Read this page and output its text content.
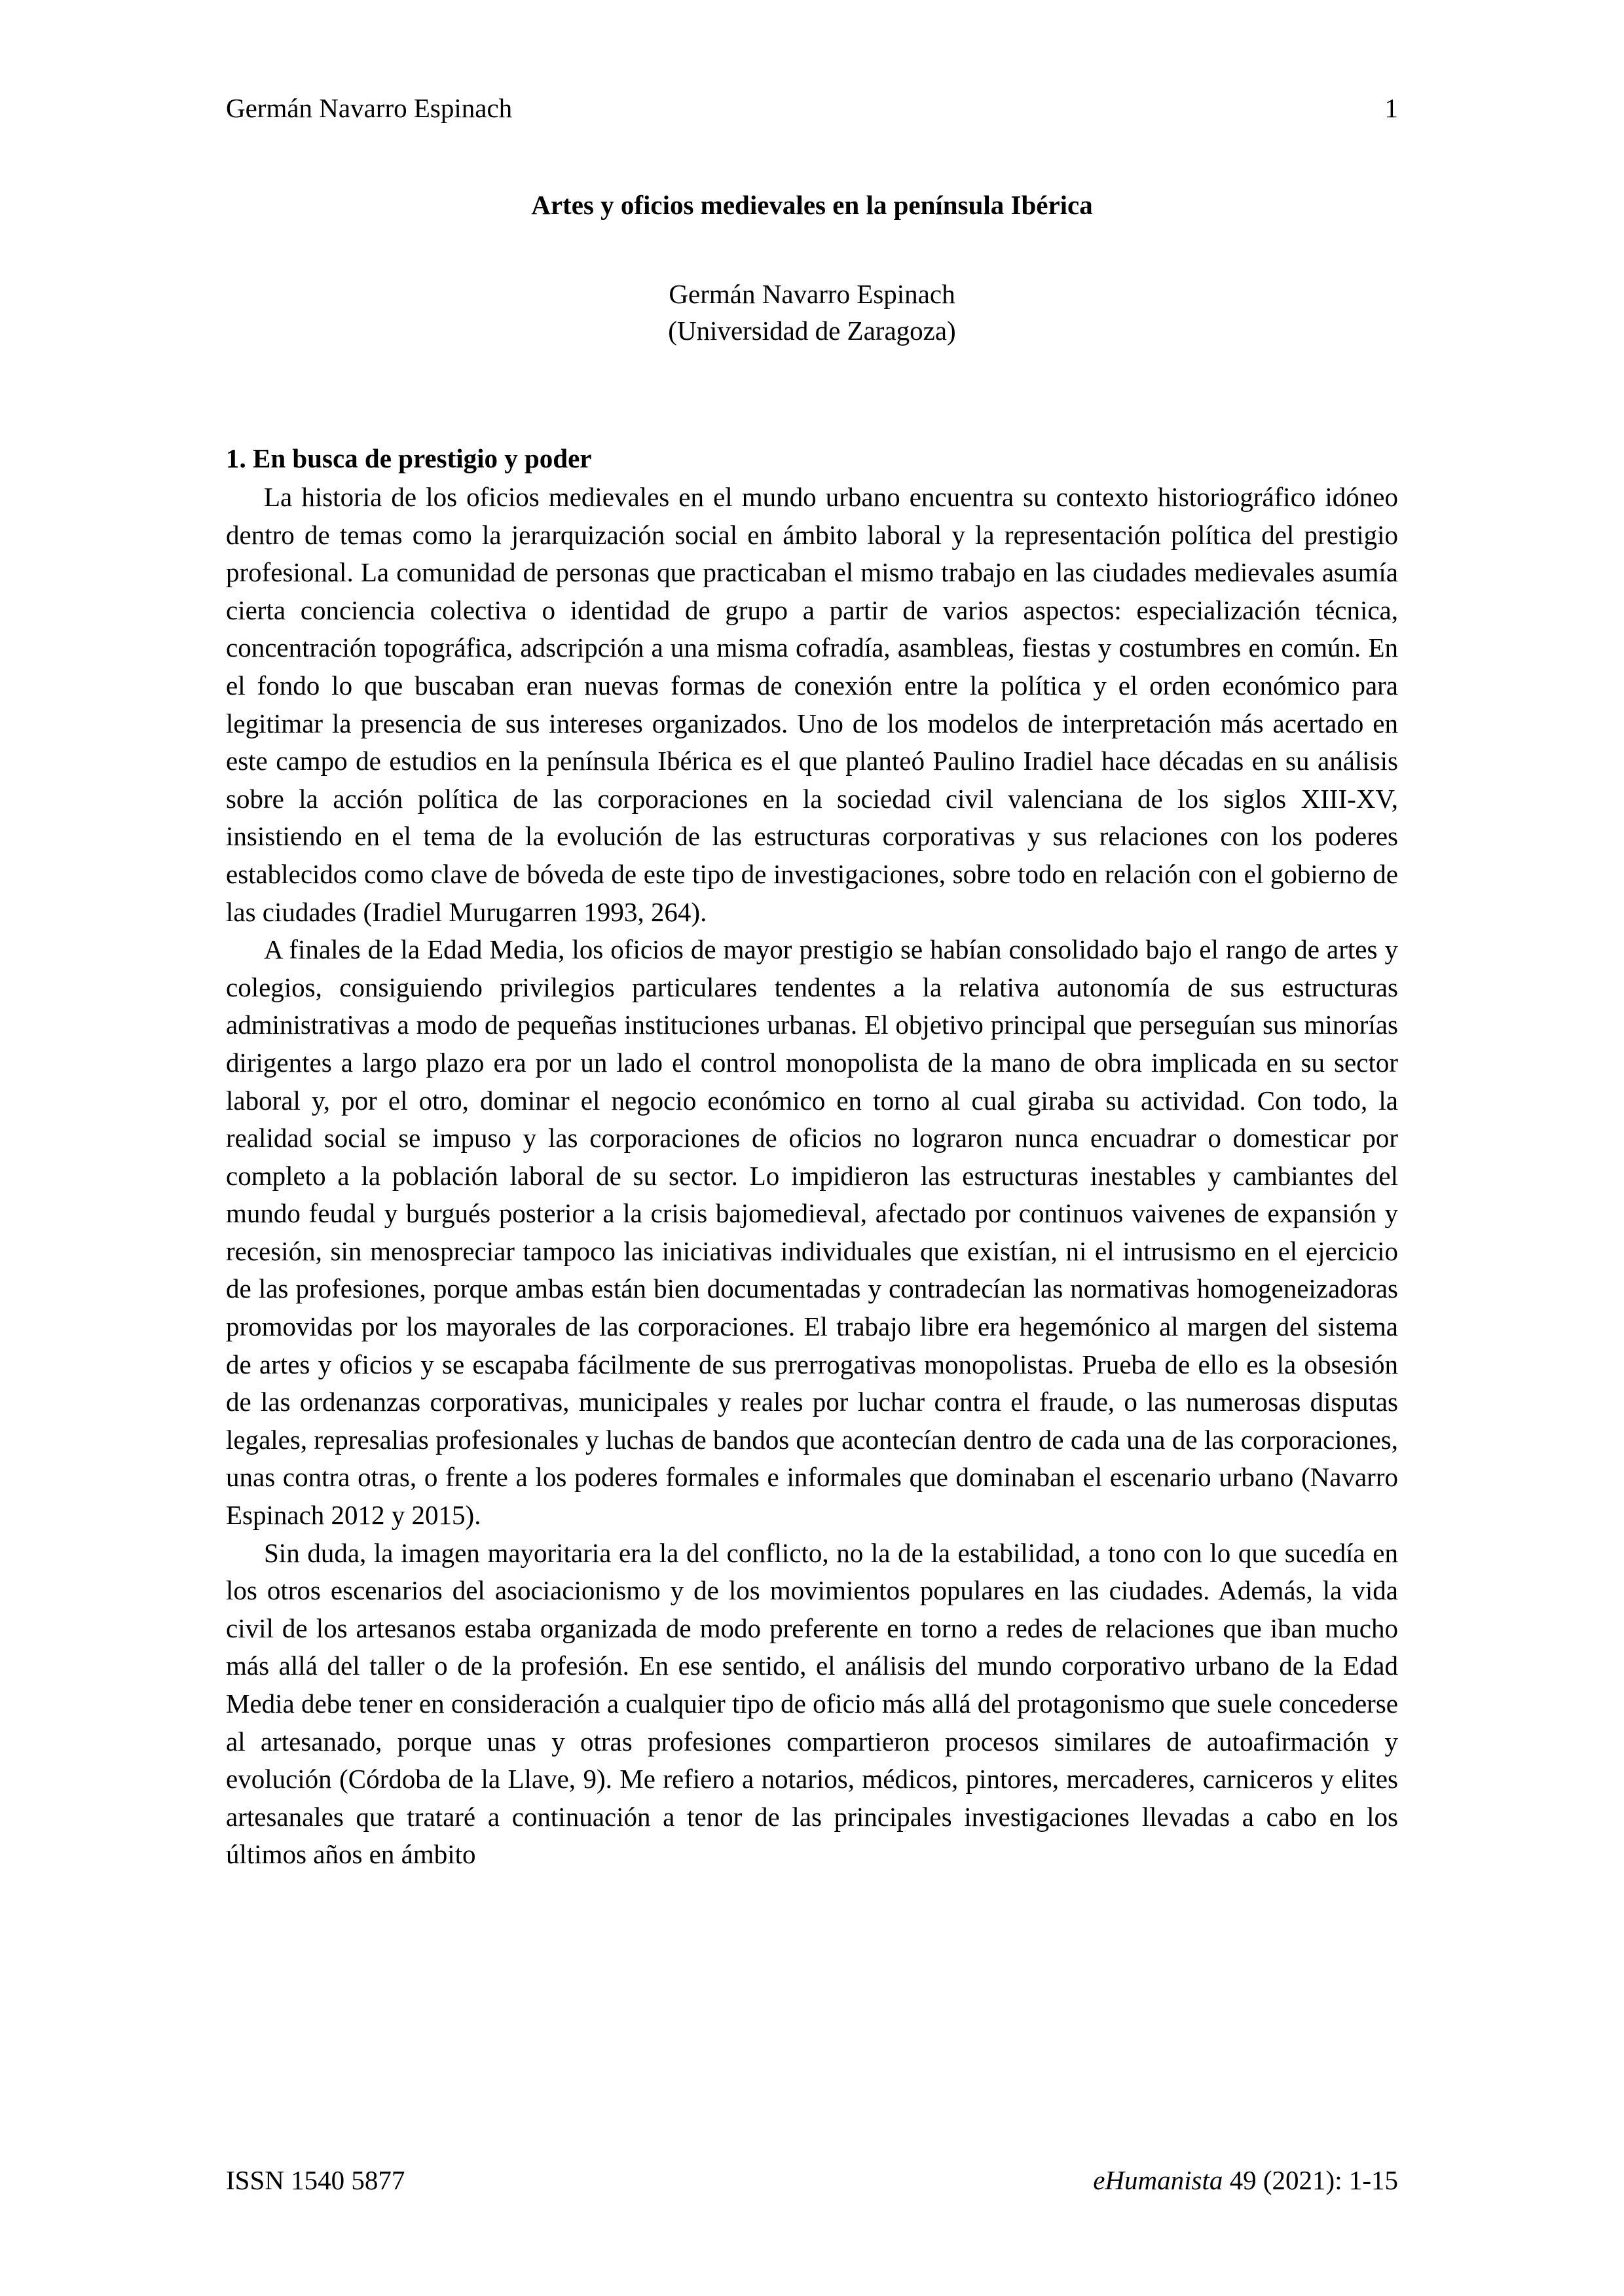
Germán Navarro Espinach	1
Artes y oficios medievales en la península Ibérica
Germán Navarro Espinach
(Universidad de Zaragoza)
1. En busca de prestigio y poder

La historia de los oficios medievales en el mundo urbano encuentra su contexto historiográfico idóneo dentro de temas como la jerarquización social en ámbito laboral y la representación política del prestigio profesional. La comunidad de personas que practicaban el mismo trabajo en las ciudades medievales asumía cierta conciencia colectiva o identidad de grupo a partir de varios aspectos: especialización técnica, concentración topográfica, adscripción a una misma cofradía, asambleas, fiestas y costumbres en común. En el fondo lo que buscaban eran nuevas formas de conexión entre la política y el orden económico para legitimar la presencia de sus intereses organizados. Uno de los modelos de interpretación más acertado en este campo de estudios en la península Ibérica es el que planteó Paulino Iradiel hace décadas en su análisis sobre la acción política de las corporaciones en la sociedad civil valenciana de los siglos XIII-XV, insistiendo en el tema de la evolución de las estructuras corporativas y sus relaciones con los poderes establecidos como clave de bóveda de este tipo de investigaciones, sobre todo en relación con el gobierno de las ciudades (Iradiel Murugarren 1993, 264).

A finales de la Edad Media, los oficios de mayor prestigio se habían consolidado bajo el rango de artes y colegios, consiguiendo privilegios particulares tendentes a la relativa autonomía de sus estructuras administrativas a modo de pequeñas instituciones urbanas. El objetivo principal que perseguían sus minorías dirigentes a largo plazo era por un lado el control monopolista de la mano de obra implicada en su sector laboral y, por el otro, dominar el negocio económico en torno al cual giraba su actividad. Con todo, la realidad social se impuso y las corporaciones de oficios no lograron nunca encuadrar o domesticar por completo a la población laboral de su sector. Lo impidieron las estructuras inestables y cambiantes del mundo feudal y burgués posterior a la crisis bajomedieval, afectado por continuos vaivenes de expansión y recesión, sin menospreciar tampoco las iniciativas individuales que existían, ni el intrusismo en el ejercicio de las profesiones, porque ambas están bien documentadas y contradecían las normativas homogeneizadoras promovidas por los mayorales de las corporaciones. El trabajo libre era hegemónico al margen del sistema de artes y oficios y se escapaba fácilmente de sus prerrogativas monopolistas. Prueba de ello es la obsesión de las ordenanzas corporativas, municipales y reales por luchar contra el fraude, o las numerosas disputas legales, represalias profesionales y luchas de bandos que acontecían dentro de cada una de las corporaciones, unas contra otras, o frente a los poderes formales e informales que dominaban el escenario urbano (Navarro Espinach 2012 y 2015).

Sin duda, la imagen mayoritaria era la del conflicto, no la de la estabilidad, a tono con lo que sucedía en los otros escenarios del asociacionismo y de los movimientos populares en las ciudades. Además, la vida civil de los artesanos estaba organizada de modo preferente en torno a redes de relaciones que iban mucho más allá del taller o de la profesión. En ese sentido, el análisis del mundo corporativo urbano de la Edad Media debe tener en consideración a cualquier tipo de oficio más allá del protagonismo que suele concederse al artesanado, porque unas y otras profesiones compartieron procesos similares de autoafirmación y evolución (Córdoba de la Llave, 9). Me refiero a notarios, médicos, pintores, mercaderes, carniceros y elites artesanales que trataré a continuación a tenor de las principales investigaciones llevadas a cabo en los últimos años en ámbito

ISSN 1540 5877	eHumanista 49 (2021): 1-15
